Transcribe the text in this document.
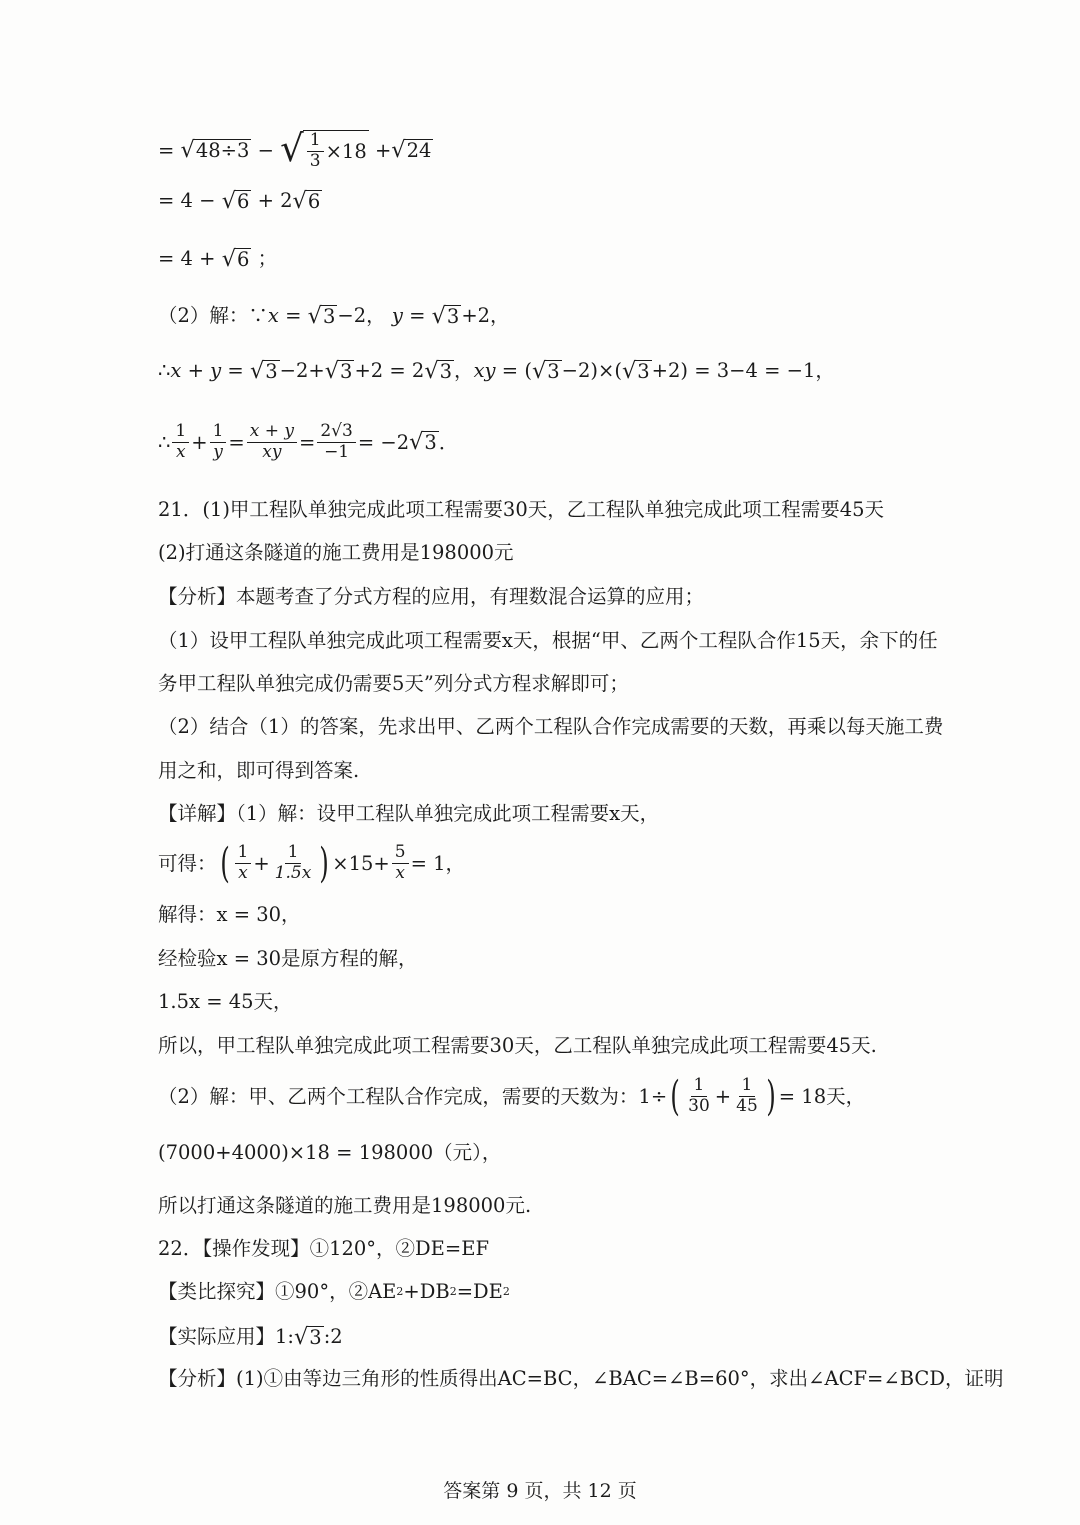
=
√ 48÷3
−
√ $\frac{1}{3} \times 18$
+ √ 24
= 4 −
√ 6
+ 2 √ 6
= 4 +
√ 6
；
（2）解：∵ x
=
√ 3 −2，
y
=
√ 3 +2，
∴ x
+
y
=
√ 3 −2+ √ 3 +2 = 2 √ 3 ， xy
= ( √ 3 −2)×( √ 3 +2) = 3−4 = −1，
∴ $\frac{1}{x} + \frac{1}{y} = \frac{x + y}{xy} = \frac{2√3}{-1} = -2$ √ 3 ．
21．(1)甲工程队单独完成此项工程需要30天，乙工程队单独完成此项工程需要45天
(2)打通这条隧道的施工费用是198000元
【分析】本题考查了分式方程的应用，有理数混合运算的应用；
（1）设甲工程队单独完成此项工程需要x天，根据“甲、乙两个工程队合作15天，余下的任
务甲工程队单独完成仍需要5天”列分式方程求解即可；
（2）结合（1）的答案，先求出甲、乙两个工程队合作完成需要的天数，再乘以每天施工费
用之和，即可得到答案.
【详解】（1）解：设甲工程队单独完成此项工程需要x天，
可得： ( $\frac{1}{x} + \frac{1}{1.5x}$ ) $\times 15+ \frac{5}{x} = 1$，
解得：x = 30，
经检验x = 30是原方程的解，
1.5x = 45天，
所以，甲工程队单独完成此项工程需要30天，乙工程队单独完成此项工程需要45天.
（2）解：甲、乙两个工程队合作完成，需要的天数为：1÷ ( $\frac{1}{30} + \frac{1}{45}$ ) = 18天，
(7000+4000)×18 = 198000（元），
所以打通这条隧道的施工费用是198000元.
22．【操作发现】①120°，②DE=EF
【类比探究】①90°，②AE 2 +DB 2 =DE 2
【实际应用】1: √ 3 :2
【分析】(1)①由等边三角形的性质得出AC=BC，∠BAC=∠B=60°，求出∠ACF=∠BCD，证明
答案第 9 页，共 12 页
